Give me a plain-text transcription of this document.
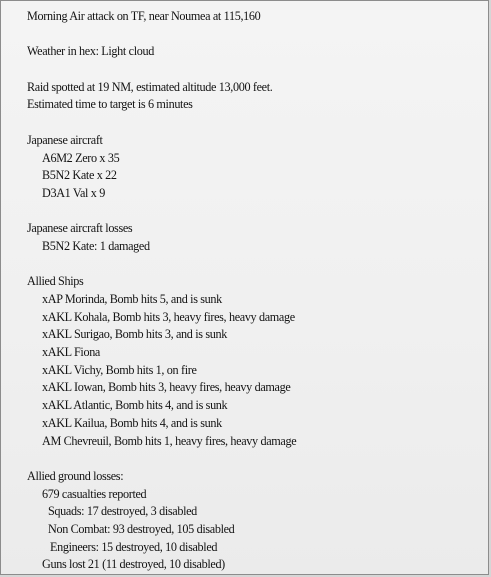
Morning Air attack on TF, near Noumea at 115,160
Weather in hex: Light cloud
Raid spotted at 19 NM, estimated altitude 13,000 feet.
Estimated time to target is 6 minutes
Japanese aircraft
A6M2 Zero x 35
B5N2 Kate x 22
D3A1 Val x 9
Japanese aircraft losses
B5N2 Kate: 1 damaged
Allied Ships
xAP Morinda, Bomb hits 5, and is sunk
xAKL Kohala, Bomb hits 3, heavy fires, heavy damage
xAKL Surigao, Bomb hits 3, and is sunk
xAKL Fiona
xAKL Vichy, Bomb hits 1, on fire
xAKL Iowan, Bomb hits 3, heavy fires, heavy damage
xAKL Atlantic, Bomb hits 4, and is sunk
xAKL Kailua, Bomb hits 4, and is sunk
AM Chevreuil, Bomb hits 1, heavy fires, heavy damage
Allied ground losses:
679 casualties reported
Squads: 17 destroyed, 3 disabled
Non Combat: 93 destroyed, 105 disabled
Engineers: 15 destroyed, 10 disabled
Guns lost 21 (11 destroyed, 10 disabled)
